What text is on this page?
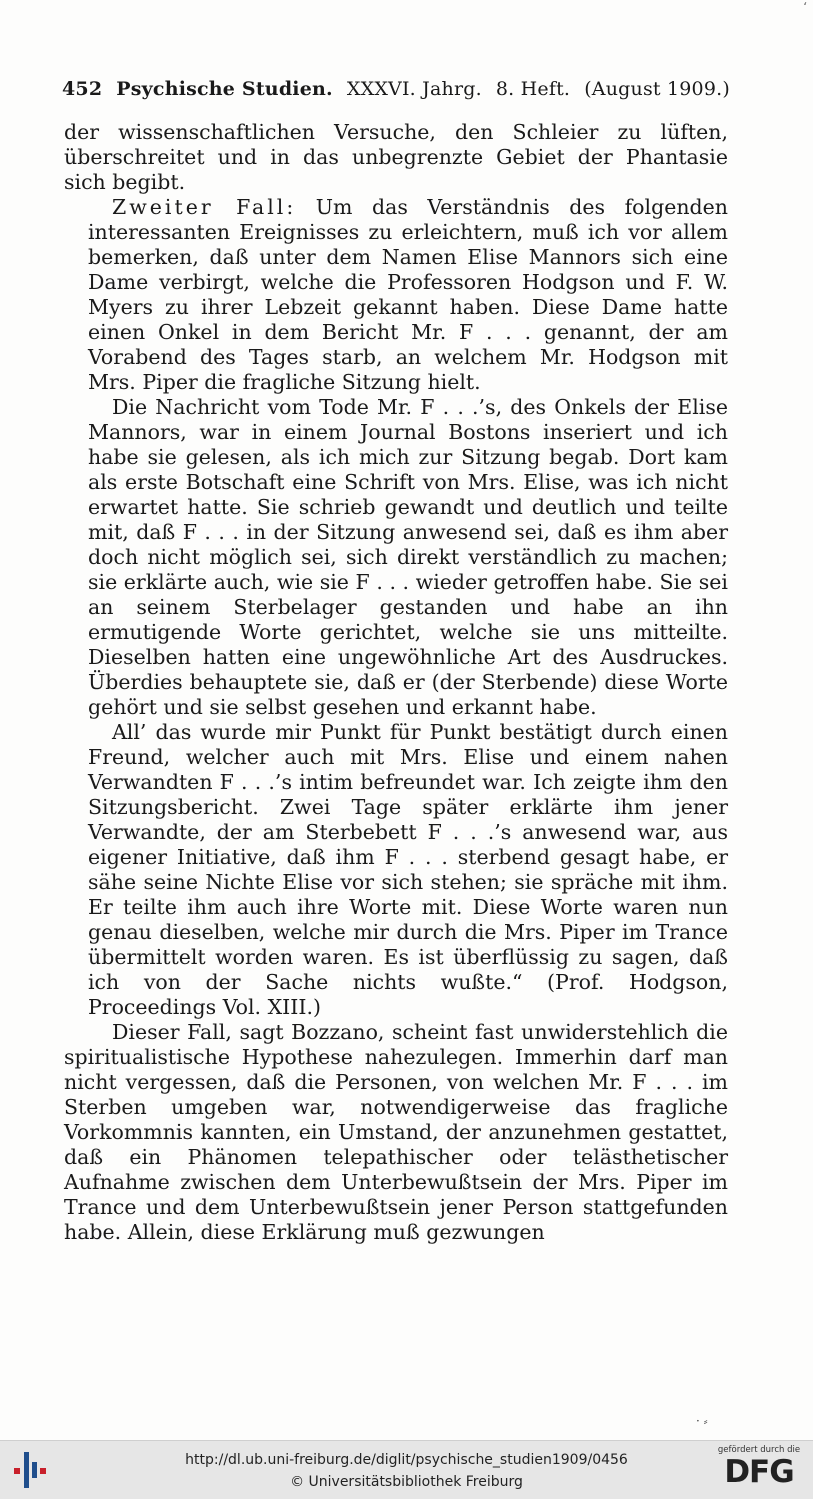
ʻ
452 Psychische Studien. XXXVI. Jahrg. 8. Heft. (August 1909.)

der wissenschaftlichen Versuche, den Schleier zu lüften, überschreitet und in das unbegrenzte Gebiet der Phantasie sich begibt.

Zweiter Fall: Um das Verständnis des folgenden interessanten Ereignisses zu erleichtern, muß ich vor allem bemerken, daß unter dem Namen Elise Mannors sich eine Dame verbirgt, welche die Professoren Hodgson und F. W. Myers zu ihrer Lebzeit gekannt haben. Diese Dame hatte einen Onkel in dem Bericht Mr. F . . . genannt, der am Vorabend des Tages starb, an welchem Mr. Hodgson mit Mrs. Piper die fragliche Sitzung hielt.

Die Nachricht vom Tode Mr. F . . .’s, des Onkels der Elise Mannors, war in einem Journal Bostons inseriert und ich habe sie gelesen, als ich mich zur Sitzung begab. Dort kam als erste Botschaft eine Schrift von Mrs. Elise, was ich nicht erwartet hatte. Sie schrieb gewandt und deutlich und teilte mit, daß F . . . in der Sitzung anwesend sei, daß es ihm aber doch nicht möglich sei, sich direkt verständlich zu machen; sie erklärte auch, wie sie F . . . wieder getroffen habe. Sie sei an seinem Sterbelager gestanden und habe an ihn ermutigende Worte gerichtet, welche sie uns mitteilte. Dieselben hatten eine ungewöhnliche Art des Ausdruckes. Überdies behauptete sie, daß er (der Sterbende) diese Worte gehört und sie selbst gesehen und erkannt habe.

All’ das wurde mir Punkt für Punkt bestätigt durch einen Freund, welcher auch mit Mrs. Elise und einem nahen Verwandten F . . .’s intim befreundet war. Ich zeigte ihm den Sitzungsbericht. Zwei Tage später erklärte ihm jener Verwandte, der am Sterbebett F . . .’s anwesend war, aus eigener Initiative, daß ihm F . . . sterbend gesagt habe, er sähe seine Nichte Elise vor sich stehen; sie spräche mit ihm. Er teilte ihm auch ihre Worte mit. Diese Worte waren nun genau dieselben, welche mir durch die Mrs. Piper im Trance übermittelt worden waren. Es ist überflüssig zu sagen, daß ich von der Sache nichts wußte.“ (Prof. Hodgson, Proceedings Vol. XIII.)

Dieser Fall, sagt Bozzano, scheint fast unwiderstehlich die spiritualistische Hypothese nahezulegen. Immerhin darf man nicht vergessen, daß die Personen, von welchen Mr. F . . . im Sterben umgeben war, notwendigerweise das fragliche Vorkommnis kannten, ein Umstand, der anzunehmen gestattet, daß ein Phänomen telepathischer oder telästhetischer Aufnahme zwischen dem Unterbewußtsein der Mrs. Piper im Trance und dem Unterbewußtsein jener Person stattgefunden habe. Allein, diese Erklärung muß gezwungen

· ⸗
http://dl.ub.uni-freiburg.de/diglit/psychische_studien1909/0456
© Universitätsbibliothek Freiburg
gefördert durch die
DFG
